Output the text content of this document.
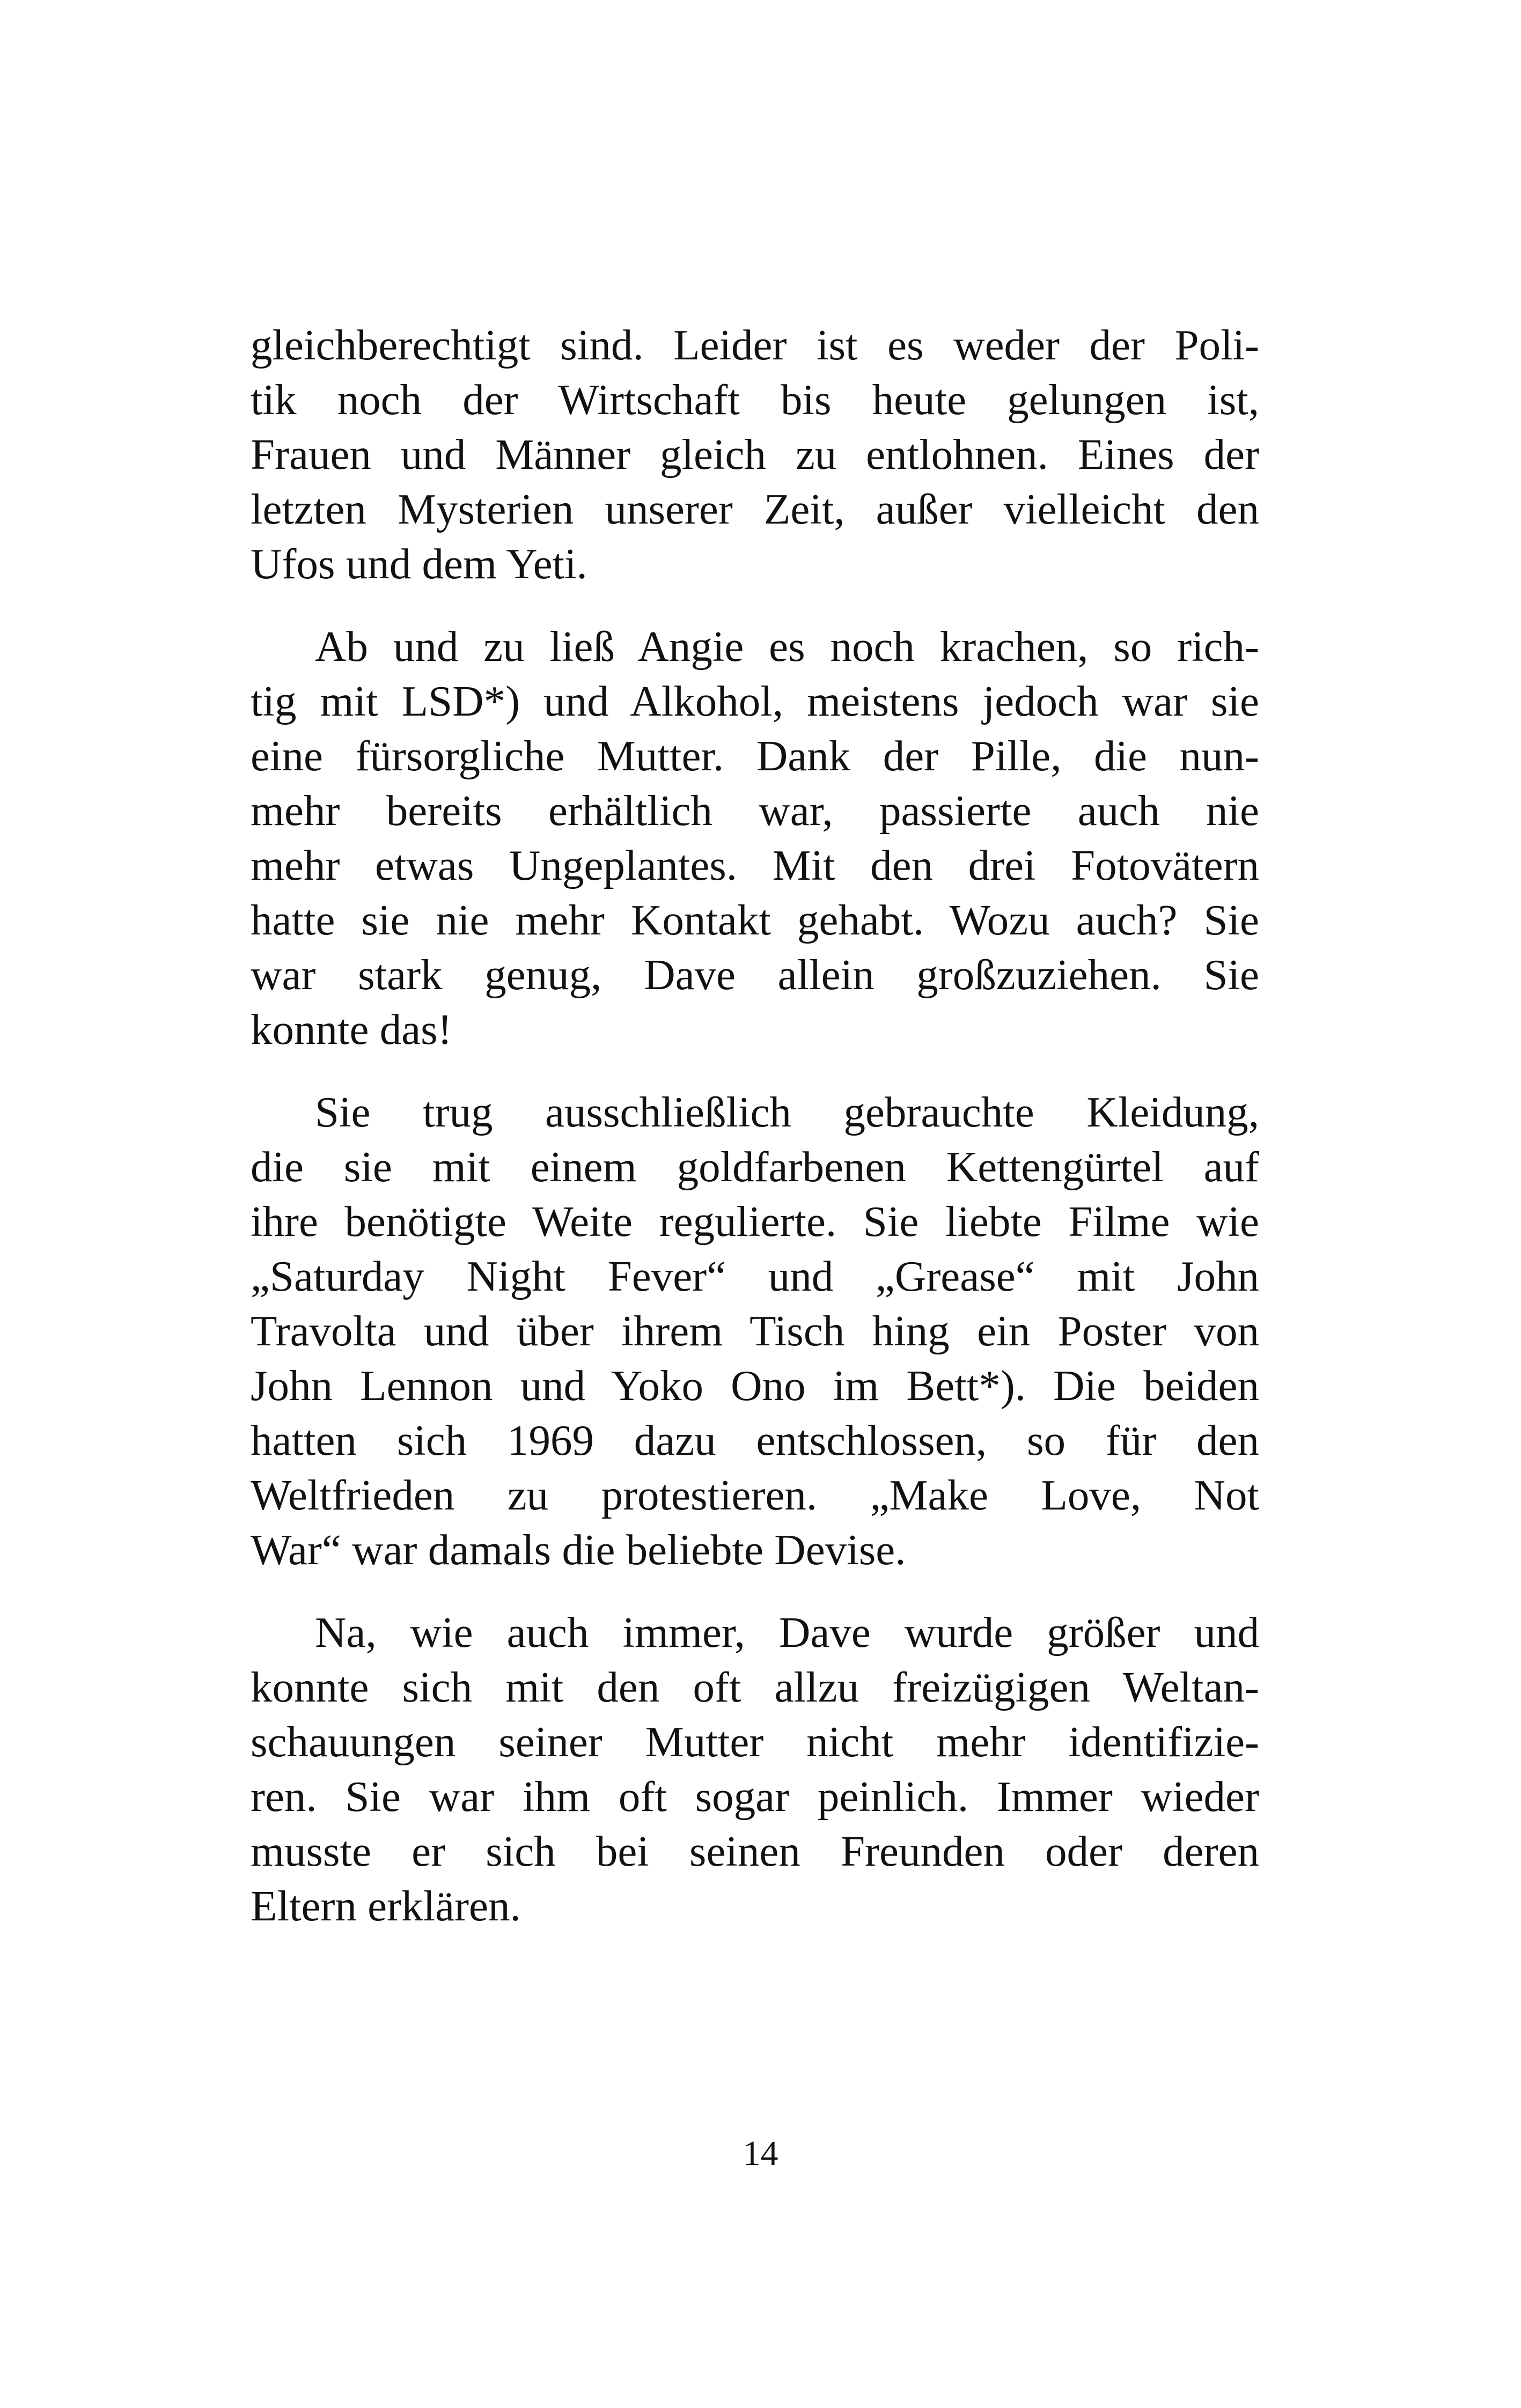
gleichberechtigt sind. Leider ist es weder der Poli-
tik noch der Wirtschaft bis heute gelungen ist,
Frauen und Männer gleich zu entlohnen. Eines der
letzten Mysterien unserer Zeit, außer vielleicht den
Ufos und dem Yeti.

Ab und zu ließ Angie es noch krachen, so rich-
tig mit LSD*) und Alkohol, meistens jedoch war sie
eine fürsorgliche Mutter. Dank der Pille, die nun-
mehr bereits erhältlich war, passierte auch nie
mehr etwas Ungeplantes. Mit den drei Fotovätern
hatte sie nie mehr Kontakt gehabt. Wozu auch? Sie
war stark genug, Dave allein großzuziehen. Sie
konnte das!

Sie trug ausschließlich gebrauchte Kleidung,
die sie mit einem goldfarbenen Kettengürtel auf
ihre benötigte Weite regulierte. Sie liebte Filme wie
„Saturday Night Fever“ und „Grease“ mit John
Travolta und über ihrem Tisch hing ein Poster von
John Lennon und Yoko Ono im Bett*). Die beiden
hatten sich 1969 dazu entschlossen, so für den
Weltfrieden zu protestieren. „Make Love, Not
War“ war damals die beliebte Devise.

Na, wie auch immer, Dave wurde größer und
konnte sich mit den oft allzu freizügigen Weltan-
schauungen seiner Mutter nicht mehr identifizie-
ren. Sie war ihm oft sogar peinlich. Immer wieder
musste er sich bei seinen Freunden oder deren
Eltern erklären.

14
